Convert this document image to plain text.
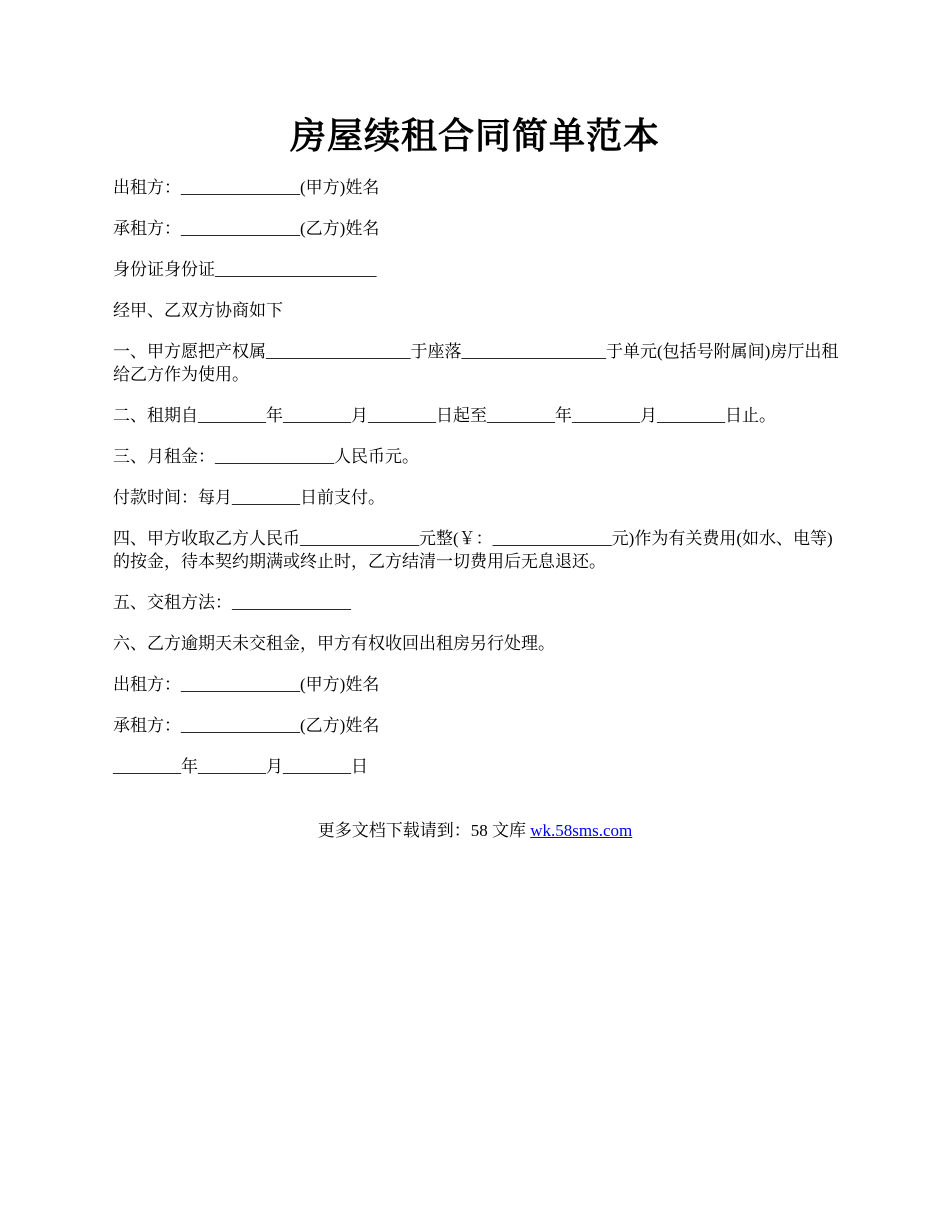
房屋续租合同简单范本

出租方：______________(甲方)姓名

承租方：______________(乙方)姓名

身份证身份证___________________

经甲、乙双方协商如下

一、甲方愿把产权属_________________于座落_________________于单元(包括号附属间)房厅出租给乙方作为使用。

二、租期自________年________月________日起至________年________月________日止。

三、月租金：______________人民币元。

付款时间：每月________日前支付。

四、甲方收取乙方人民币______________元整(￥：______________元)作为有关费用(如水、电等)的按金，待本契约期满或终止时，乙方结清一切费用后无息退还。

五、交租方法：______________

六、乙方逾期天未交租金，甲方有权收回出租房另行处理。

出租方：______________(甲方)姓名

承租方：______________(乙方)姓名

________年________月________日

更多文档下载请到：58 文库 wk.58sms.com
